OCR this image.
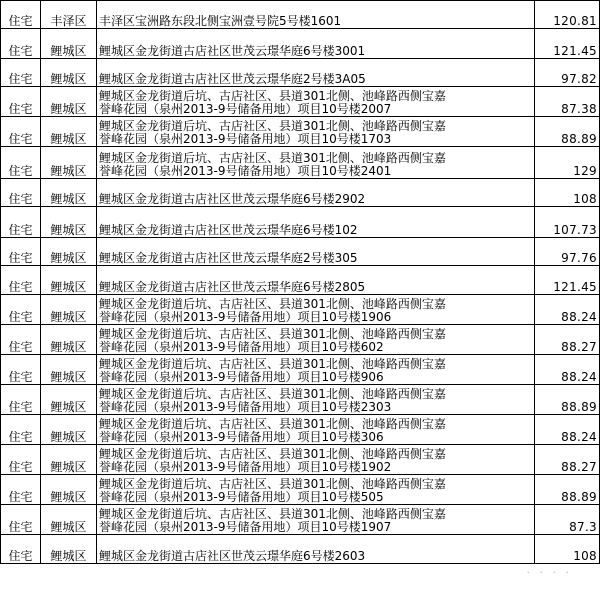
住宅	丰泽区	丰泽区宝洲路东段北侧宝洲壹号院5号楼1601	120.81
住宅	鲤城区	鲤城区金龙街道古店社区世茂云璟华庭6号楼3001	121.45
住宅	鲤城区	鲤城区金龙街道古店社区世茂云璟华庭2号楼3A05	97.82
住宅	鲤城区	鲤城区金龙街道后坑、古店社区、县道301北侧、池峰路西侧宝嘉
誉峰花园（泉州2013-9号储备用地）项目10号楼2007	87.38
住宅	鲤城区	鲤城区金龙街道后坑、古店社区、县道301北侧、池峰路西侧宝嘉
誉峰花园（泉州2013-9号储备用地）项目10号楼1703	88.89
住宅	鲤城区	鲤城区金龙街道后坑、古店社区、县道301北侧、池峰路西侧宝嘉
誉峰花园（泉州2013-9号储备用地）项目10号楼2401	129
住宅	鲤城区	鲤城区金龙街道古店社区世茂云璟华庭6号楼2902	108
住宅	鲤城区	鲤城区金龙街道古店社区世茂云璟华庭6号楼102	107.73
住宅	鲤城区	鲤城区金龙街道古店社区世茂云璟华庭2号楼305	97.76
住宅	鲤城区	鲤城区金龙街道古店社区世茂云璟华庭6号楼2805	121.45
住宅	鲤城区	鲤城区金龙街道后坑、古店社区、县道301北侧、池峰路西侧宝嘉
誉峰花园（泉州2013-9号储备用地）项目10号楼1906	88.24
住宅	鲤城区	鲤城区金龙街道后坑、古店社区、县道301北侧、池峰路西侧宝嘉
誉峰花园（泉州2013-9号储备用地）项目10号楼602	88.27
住宅	鲤城区	鲤城区金龙街道后坑、古店社区、县道301北侧、池峰路西侧宝嘉
誉峰花园（泉州2013-9号储备用地）项目10号楼906	88.24
住宅	鲤城区	鲤城区金龙街道后坑、古店社区、县道301北侧、池峰路西侧宝嘉
誉峰花园（泉州2013-9号储备用地）项目10号楼2303	88.89
住宅	鲤城区	鲤城区金龙街道后坑、古店社区、县道301北侧、池峰路西侧宝嘉
誉峰花园（泉州2013-9号储备用地）项目10号楼306	88.24
住宅	鲤城区	鲤城区金龙街道后坑、古店社区、县道301北侧、池峰路西侧宝嘉
誉峰花园（泉州2013-9号储备用地）项目10号楼1902	88.27
住宅	鲤城区	鲤城区金龙街道后坑、古店社区、县道301北侧、池峰路西侧宝嘉
誉峰花园（泉州2013-9号储备用地）项目10号楼505	88.89
住宅	鲤城区	鲤城区金龙街道后坑、古店社区、县道301北侧、池峰路西侧宝嘉
誉峰花园（泉州2013-9号储备用地）项目10号楼1907	87.3
住宅	鲤城区	鲤城区金龙街道古店社区世茂云璟华庭6号楼2603	108
· · · ·
